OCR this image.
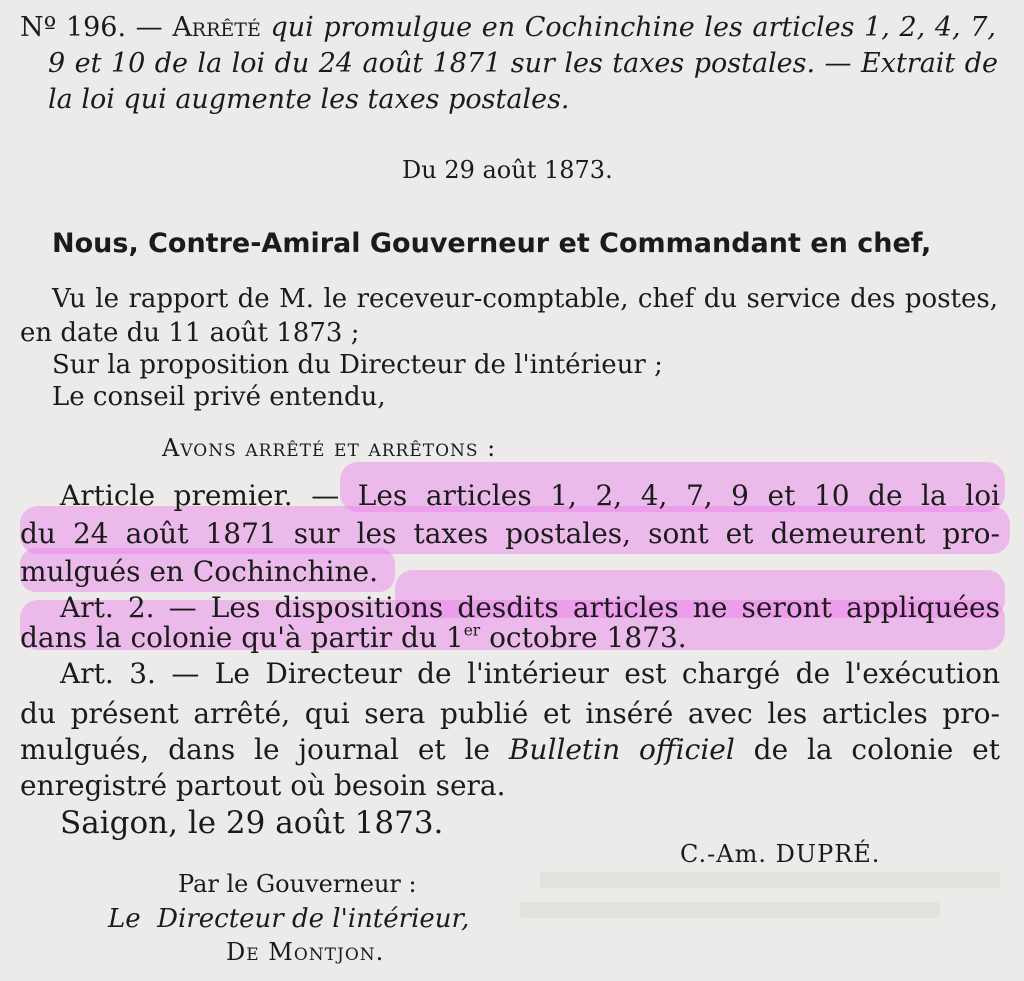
Nº 196. — Arrêté qui promulgue en Cochinchine les articles 1, 2, 4, 7,
9 et 10 de la loi du 24 août 1871 sur les taxes postales. — Extrait de
la loi qui augmente les taxes postales.
Du 29 août 1873.
Nous, Contre-Amiral Gouverneur et Commandant en chef,
Vu le rapport de M. le receveur-comptable, chef du service des postes,
en date du 11 août 1873 ;
Sur la proposition du Directeur de l'intérieur ;
Le conseil privé entendu,
Avons arrêté et arrêtons :
Article premier. — Les articles 1, 2, 4, 7, 9 et 10 de la loi
du 24 août 1871 sur les taxes postales, sont et demeurent pro-
mulgués en Cochinchine.
Art. 2. — Les dispositions desdits articles ne seront appliquées
dans la colonie qu'à partir du 1er octobre 1873.
Art. 3. — Le Directeur de l'intérieur est chargé de l'exécution
du présent arrêté, qui sera publié et inséré avec les articles pro-
mulgués, dans le journal et le Bulletin officiel de la colonie et
enregistré partout où besoin sera.
Saigon, le 29 août 1873.
C.-Am. DUPRÉ.
Par le Gouverneur :
Le  Directeur de l'intérieur,
De Montjon.
